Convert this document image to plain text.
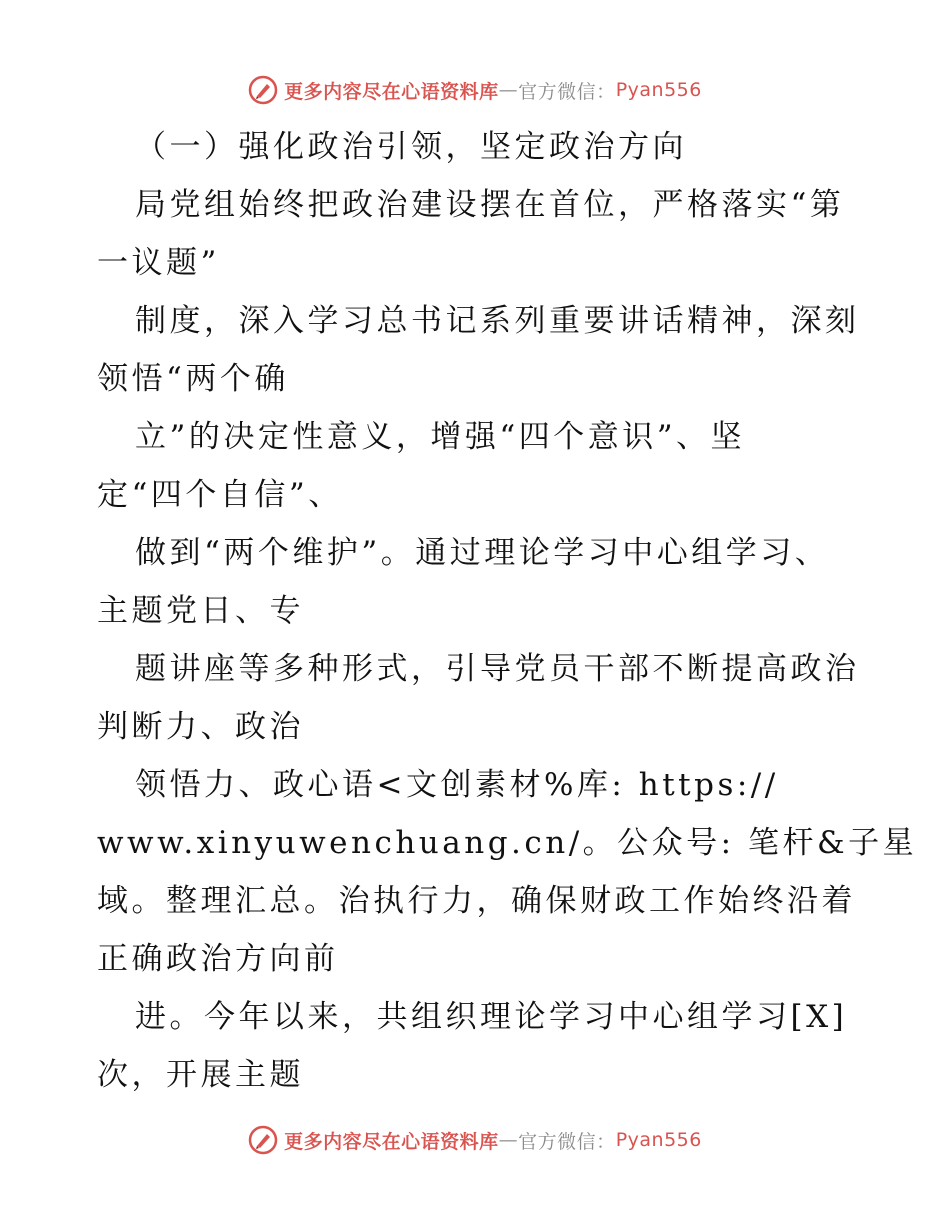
更多内容尽在心语资料库 — 官方微信： Pyan556
（一）强化政治引领，坚定政治方向
局党组始终把政治建设摆在首位，严格落实“第
一议题”
制度，深入学习总书记系列重要讲话精神，深刻
领悟“两个确
立”的决定性意义，增强“四个意识”、坚
定“四个自信”、
做到“两个维护”。通过理论学习中心组学习、
主题党日、专
题讲座等多种形式，引导党员干部不断提高政治
判断力、政治
领悟力、政心语<文创素材%库: https://
www.xinyuwenchuang.cn/。公众号: 笔杆&子星
域。整理汇总。治执行力，确保财政工作始终沿着
正确政治方向前
进。今年以来，共组织理论学习中心组学习[X]
次，开展主题
更多内容尽在心语资料库 — 官方微信： Pyan556
